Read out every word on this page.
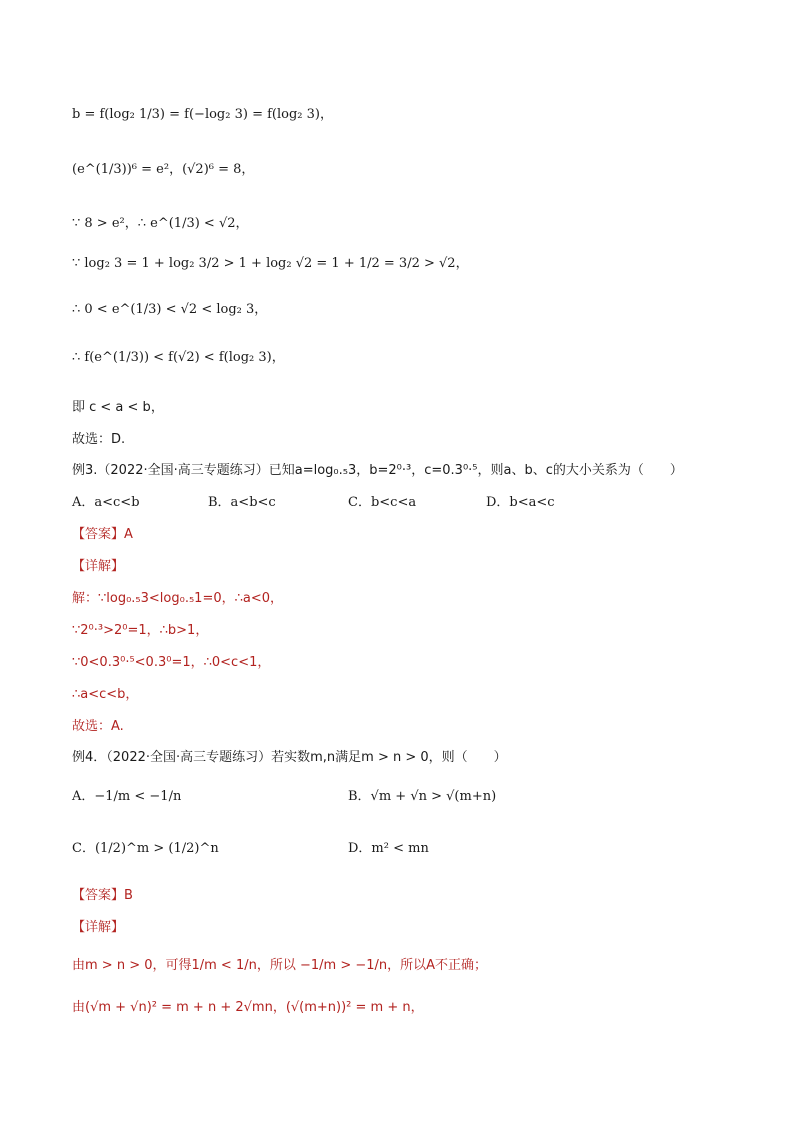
b = f(log₂ 1/3) = f(−log₂ 3) = f(log₂ 3)，
(e^(1/3))⁶ = e²，(√2)⁶ = 8，
∵ 8 > e²，∴ e^(1/3) < √2，
∵ log₂ 3 = 1 + log₂ 3/2 > 1 + log₂ √2 = 1 + 1/2 = 3/2 > √2，
∴ 0 < e^(1/3) < √2 < log₂ 3，
∴ f(e^(1/3)) < f(√2) < f(log₂ 3)，
即 c < a < b，
故选：D.
例3.（2022·全国·高三专题练习）已知a=log₀.₅3，b=2⁰·³，c=0.3⁰·⁵，则a、b、c的大小关系为（　　）
A．a<c<b	B．a<b<c	C．b<c<a	D．b<a<c
【答案】A
【详解】
解：∵log₀.₅3<log₀.₅1=0，∴a<0，
∵2⁰·³>2⁰=1，∴b>1，
∵0<0.3⁰·⁵<0.3⁰=1，∴0<c<1，
∴a<c<b，
故选：A.
例4．（2022·全国·高三专题练习）若实数m,n满足m > n > 0，则（　　）
A．−1/m < −1/n	B．√m + √n > √(m+n)
C．(1/2)^m > (1/2)^n	D．m² < mn
【答案】B
【详解】
由m > n > 0，可得1/m < 1/n，所以 −1/m > −1/n，所以A不正确；
由(√m + √n)² = m + n + 2√mn，(√(m+n))² = m + n，
